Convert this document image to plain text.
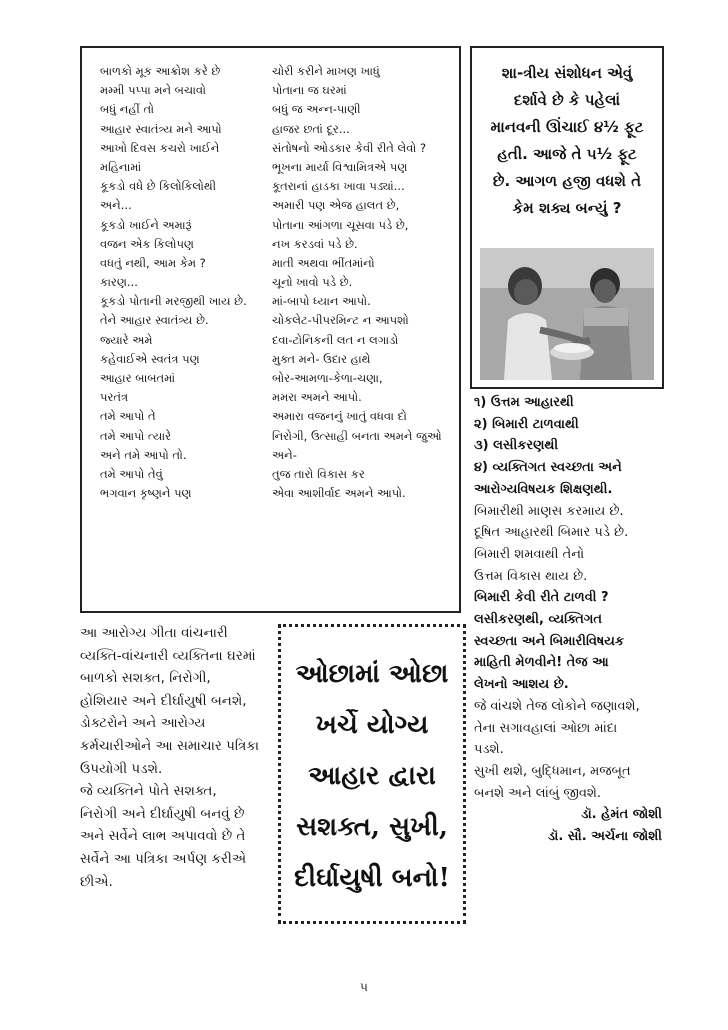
બાળકો મૂક આક્રોશ કરે છે
મમ્મી પપ્પા મને બચાવો
બધું નહીં તો
આહાર સ્વાતંત્ર્ય મને આપો
આખો દિવસ કચરો ખાઈને
મહિનામાં
કૂકડો વધે છે કિલોકિલોથી
અને...
કૂકડો ખાઈને અમારૂં
વજન એક કિલોપણ
વધતું નથી, આમ કેમ ?
કારણ...
કૂકડો પોતાની મરજીથી ખાય છે.
તેને આહાર સ્વાતંત્ર્ય છે.
જ્યારે અમે
કહેવાઈએ સ્વતંત્ર પણ
આહાર બાબતમાં
પરતંત્ર
તમે આપો તે
તમે આપો ત્યારે
અને તમે આપો તો.
તમે આપો તેવું
ભગવાન કૃષ્ણને પણ
ચોરી કરીને માખણ ખાધું
પોતાના જ ઘરમાં
બધું જ અન્ન-પાણી
હાજર છતાં દૂર...
સંતોષનો ઓડકાર કેવી રીતે લેવો ?
ભૂખના માર્યા વિશ્વામિત્રએ પણ
કૂતરાનાં હાડકા ખાવા પડ્યાં...
અમારી પણ એજ હાલત છે,
પોતાના આંગળા ચૂસવા પડે છે,
નખ કરડવાં પડે છે.
માતી અથવા ભીંતમાંનો
ચૂનો ખાવો પડે છે.
માં-બાપો ધ્યાન આપો.
ચોકલેટ-પીપરમિન્ટ ન આપશો
દવા-ટોનિકની લત ન લગાડો
મુક્ત મને- ઉદાર હાથે
બોર-આમળા-કેળા-ચણા,
મમરા અમને આપો.
અમારા વજનનું ખાતું વધવા દો
નિરોગી, ઉત્સાહી બનતા અમને જુઓ
અને-
તુજ તારો વિકાસ કર
એવા આશીર્વાદ અમને આપો.
શા-ત્રીય સંશોધન એવું
દર્શાવે છે કે પહેલાં
માનવની ઊંચાઈ ૪½ ફૂટ
હતી. આજે તે ૫½ ફૂટ
છે. આગળ હજી વધશે તે
કેમ શક્ય બન્યું ?
૧) ઉત્તમ આહારથી
૨) બિમારી ટાળવાથી
૩) લસીકરણથી
૪) વ્યક્તિગત સ્વચ્છતા અને
આરોગ્યવિષયક શિક્ષણથી.
બિમારીથી માણસ કરમાય છે.
દૂષિત આહારથી બિમાર પડે છે.
બિમારી શમવાથી તેનો
ઉત્તમ વિકાસ થાય છે.
બિમારી કેવી રીતે ટાળવી ?
લસીકરણથી, વ્યક્તિગત
સ્વચ્છતા અને બિમારીવિષયક
માહિતી મેળવીને! તેજ આ
લેખનો આશય છે.
જે વાંચશે તેજ લોકોને જણાવશે,
તેના સગાવહાલાં ઓછા માંદા
પડશે.
સુખી થશે, બુદ્ધિમાન, મજબૂત
બનશે અને લાંબું જીવશે.
ડૉ. હેમંત જોશી
ડૉ. સૌ. અર્ચના જોશી
આ આરોગ્ય ગીતા વાંચનારી
વ્યક્તિ-વાંચનારી વ્યક્તિના ઘરમાં
બાળકો સશક્ત, નિરોગી,
હોશિયાર અને દીર્ઘાયુષી બનશે,
ડોક્ટરોને અને આરોગ્ય
કર્મચારીઓને આ સમાચાર પત્રિકા
ઉપયોગી પડશે.
જે વ્યક્તિને પોતે સશક્ત,
નિરોગી અને દીર્ઘાયુષી બનવું છે
અને સર્વેને લાભ અપાવવો છે તે
સર્વેને આ પત્રિકા અર્પણ કરીએ
છીએ.
ઓછામાં ઓછા
ખર્ચે યોગ્ય
આહાર દ્વારા
સશક્ત, સુખી,
દીર્ઘાયુષી બનો!
૫
